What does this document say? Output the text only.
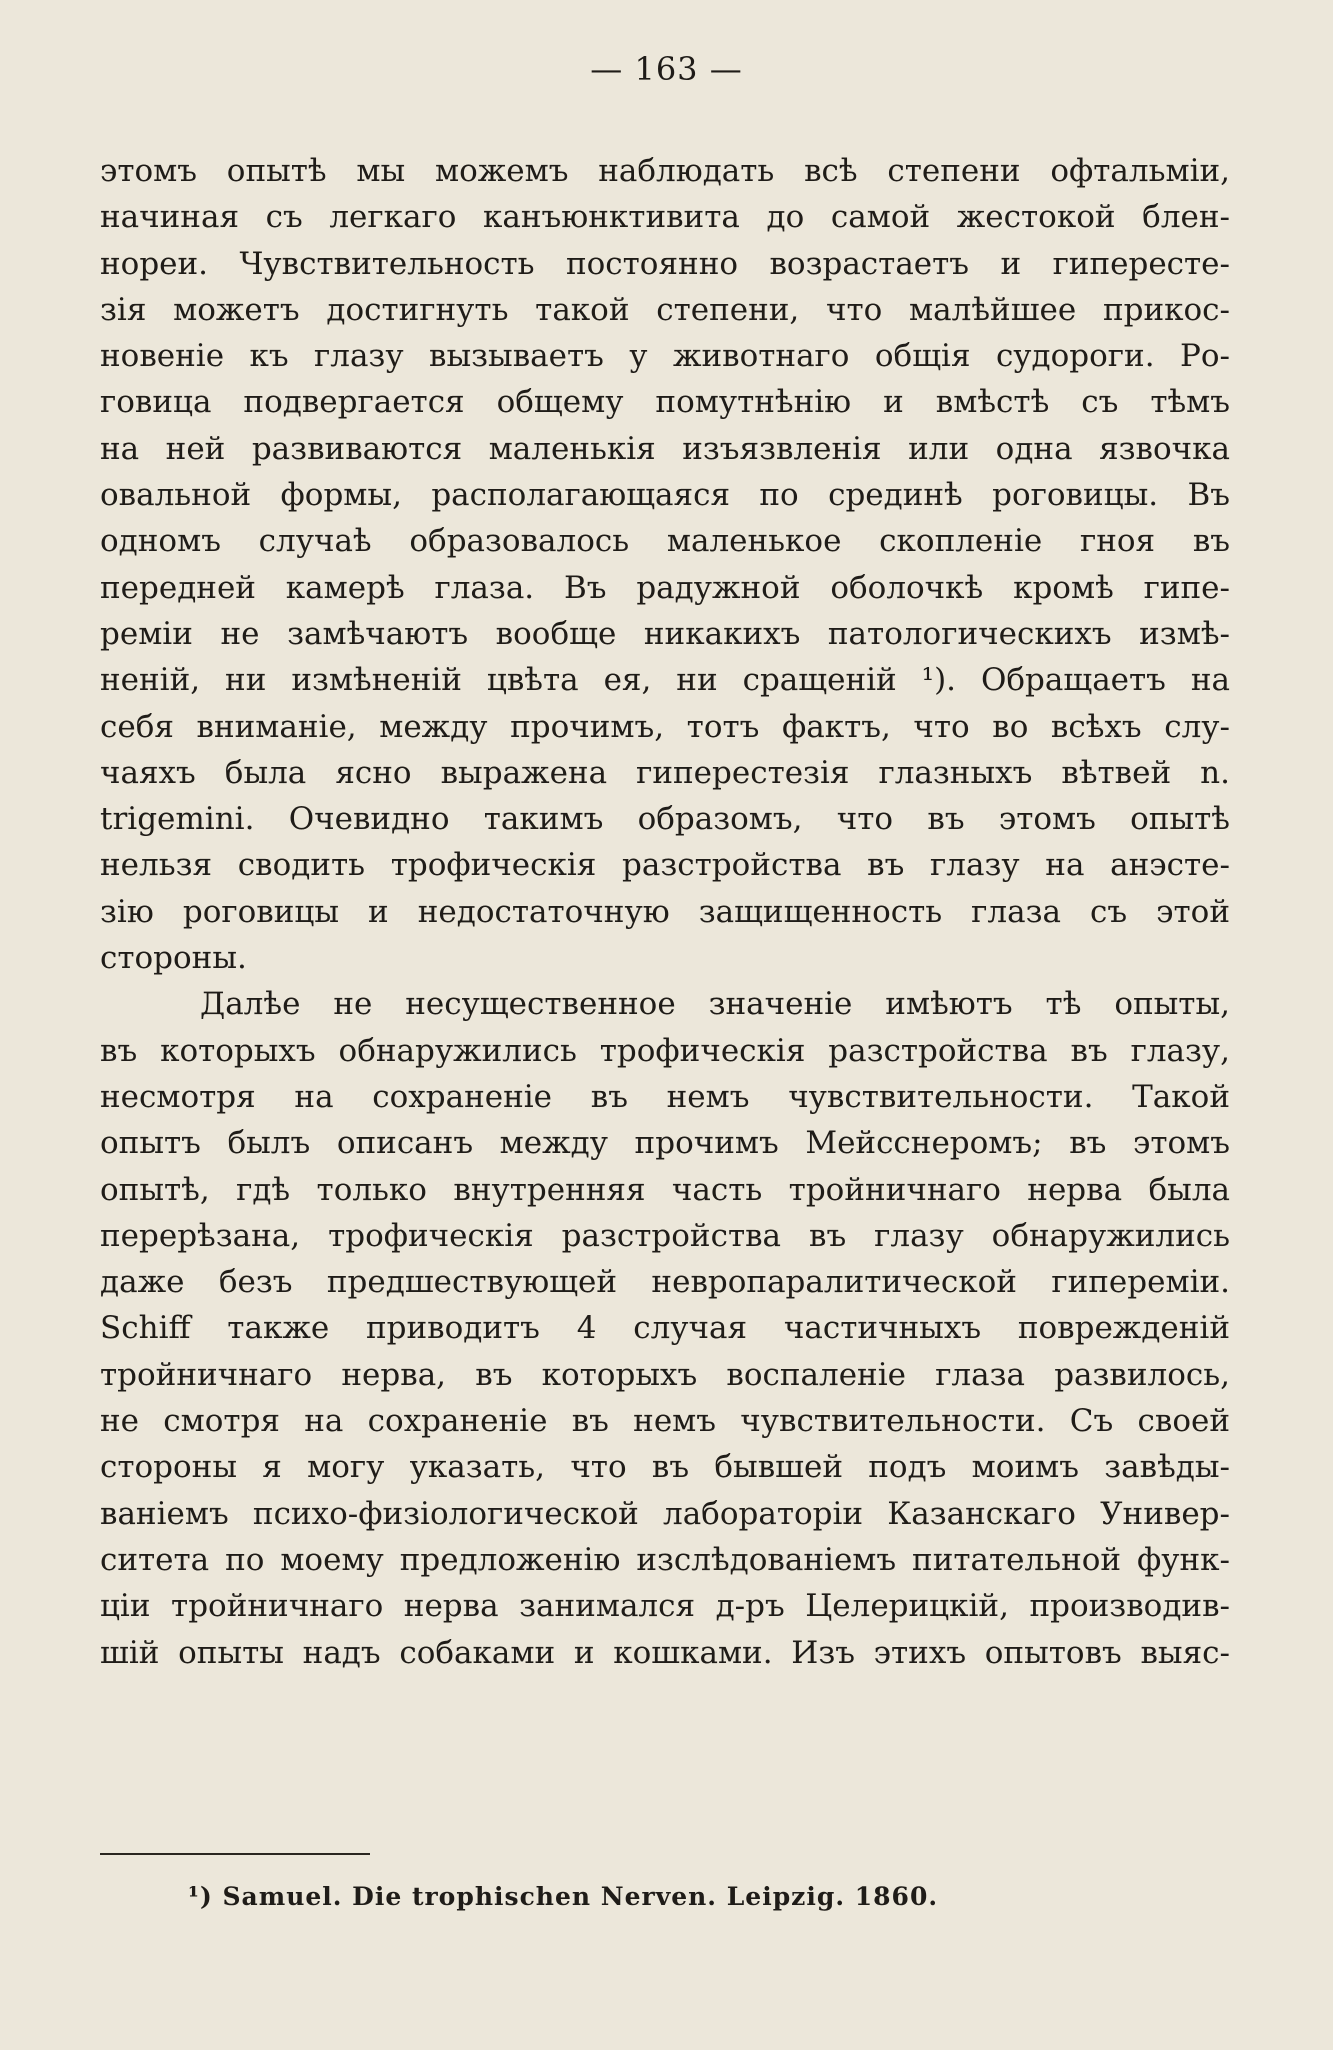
— 163 —
этомъ опытѣ мы можемъ наблюдать всѣ степени офтальміи,
начиная съ легкаго канъюнктивита до самой жестокой блен-
нореи. Чувствительность постоянно возрастаетъ и гипересте-
зія можетъ достигнуть такой степени, что малѣйшее прикос-
новеніе къ глазу вызываетъ у животнаго общія судороги. Ро-
говица подвергается общему помутнѣнію и вмѣстѣ съ тѣмъ
на ней развиваются маленькія изъязвленія или одна язвочка
овальной формы, располагающаяся по срединѣ роговицы. Въ
одномъ случаѣ образовалось маленькое скопленіе гноя въ
передней камерѣ глаза. Въ радужной оболочкѣ кромѣ гипе-
ремiи не замѣчаютъ вообще никакихъ патологическихъ измѣ-
неній, ни измѣненій цвѣта ея, ни сращеній ¹). Обращаетъ на
себя вниманіе, между прочимъ, тотъ фактъ, что во всѣхъ слу-
чаяхъ была ясно выражена гиперестезія глазныхъ вѣтвей n.
trigemini. Очевидно такимъ образомъ, что въ этомъ опытѣ
нельзя сводить трофическія разстройства въ глазу на анэсте-
зію роговицы и недостаточную защищенность глаза съ этой
стороны.
Далѣе не несущественное значеніе имѣютъ тѣ опыты,
въ которыхъ обнаружились трофическія разстройства въ глазу,
несмотря на сохраненіе въ немъ чувствительности. Такой
опытъ былъ описанъ между прочимъ Мейсснеромъ; въ этомъ
опытѣ, гдѣ только внутренняя часть тройничнаго нерва была
перерѣзана, трофическія разстройства въ глазу обнаружились
даже безъ предшествующей невропаралитической гипереміи.
Schiff также приводитъ 4 случая частичныхъ поврежденій
тройничнаго нерва, въ которыхъ воспаленіе глаза развилось,
не смотря на сохраненіе въ немъ чувствительности. Съ своей
стороны я могу указать, что въ бывшей подъ моимъ завѣды-
ваніемъ психо-физіологической лабораторіи Казанскаго Универ-
ситета по моему предложенію изслѣдованіемъ питательной функ-
ціи тройничнаго нерва занимался д-ръ Целерицкій, производив-
шій опыты надъ собаками и кошками. Изъ этихъ опытовъ выяс-
¹) Samuel. Die trophischen Nerven. Leipzig. 1860.
